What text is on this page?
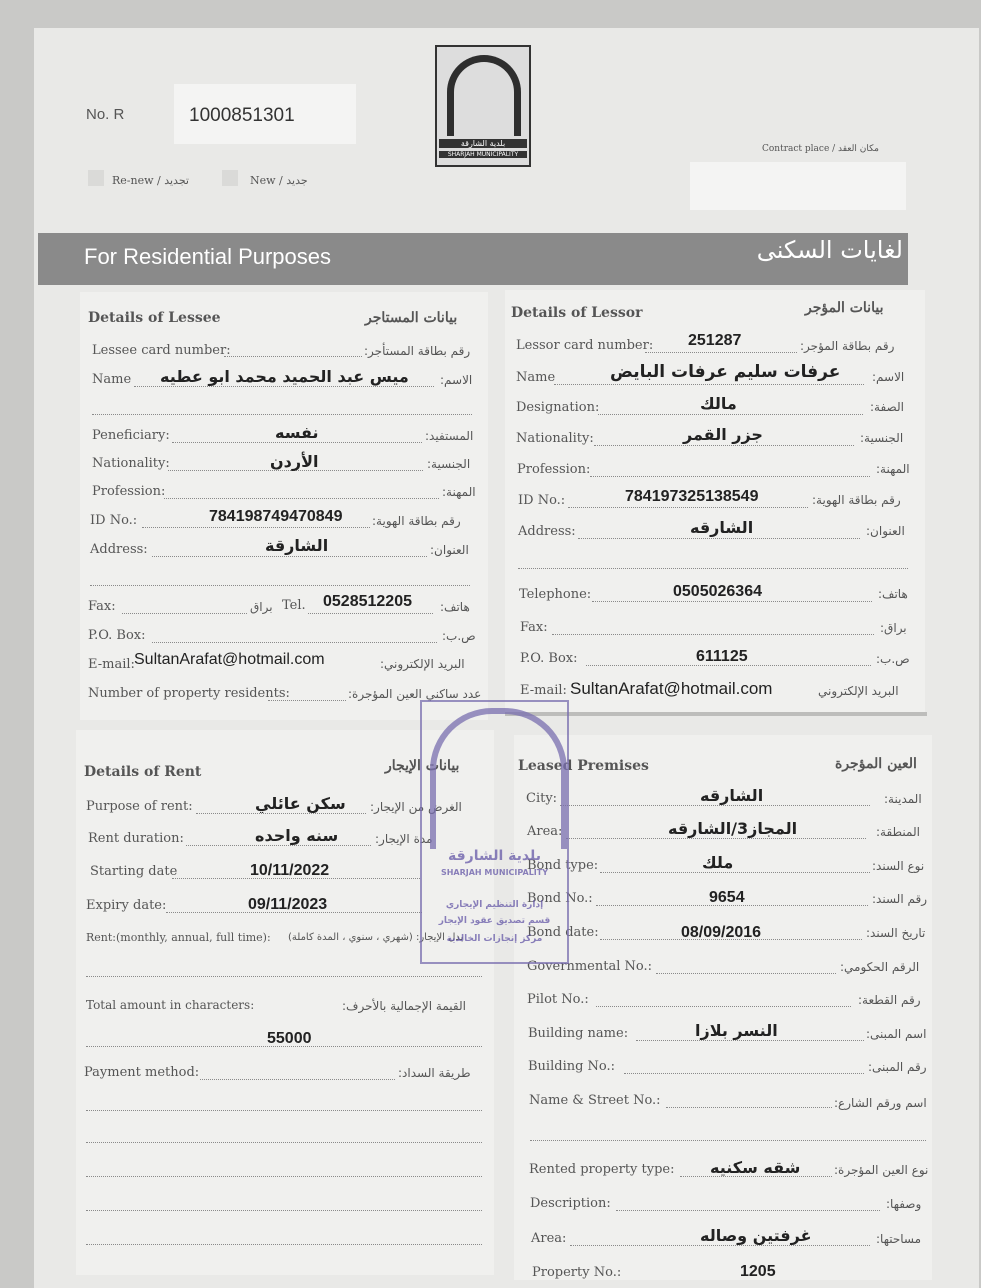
No. R	1000851301
Re-new / تجديد	New / جديد
بلدية الشارقة
SHARJAH MUNICIPALITY
Contract place / مكان العقد
For Residential Purposes	لغايات السكنى
Details of Lessee	بيانات المستاجر
Lessee card number:	رقم بطاقة المستأجر:
Name ميس عبد الحميد محمد ابو عطيه	الاسم:
Peneficiary:	نفسه	المستفيد:
Nationality:	الأردن	الجنسية:
Profession:	المهنة:
ID No.:	784198749470849 رقم بطاقة الهوية:
Address:	الشارقة	العنوان:
Fax:	براق Tel. 0528512205 هاتف:
P.O. Box:	ص.ب:
E-mail: SultanArafat@hotmail.com	البريد الإلكتروني:
Number of property residents:	عدد ساكني العين المؤجرة:
Details of Lessor	بيانات المؤجر
Lessor card number: 251287	رقم بطاقة المؤجر:
Name	عرفات سليم عرفات البايض	الاسم:
Designation:	مالك	الصفة:
Nationality:	جزر القمر	الجنسية:
Profession:	المهنة:
ID No.:	784197325138549	رقم بطاقة الهوية:
Address:	الشارقه	العنوان:
Telephone:	0505026364	هاتف:
Fax:	براق:
P.O. Box:	611125	ص.ب:
E-mail: SultanArafat@hotmail.com	البريد الإلكتروني
Details of Rent	بيانات الإيجار
Purpose of rent:	سكن عائلي الغرض من الإيجار:
Rent duration:	سنه واحده	مدة الإيجار:
Starting date	10/11/2022
Expiry date:	09/11/2023
Rent:(monthly, annual, full time): بدل الإيجار: (شهري ، سنوي ، المدة كاملة)
Total amount in characters:	القيمة الإجمالية بالأحرف:
55000
Payment method:	طريقة السداد:
Leased Premises	العين المؤجرة
City:	الشارقه	المدينة:
Area:	المجاز3/الشارقه	المنطقة:
Bond type:	ملك	نوع السند:
Bond No.:	9654	رقم السند:
Bond date:	08/09/2016	تاريخ السند:
Governmental No.:	الرقم الحكومي:
Pilot No.:	رقم القطعة:
Building name:	النسر بلازا	اسم المبنى:
Building No.:	رقم المبنى:
Name & Street No.:	اسم ورقم الشارع:
Rented property type: شقه سكنيه	نوع العين المؤجرة:
Description:	وصفها:
Area:	غرفتين وصاله	مساحتها:
Property No.:	1205
بلدية الشارقة
SHARJAH MUNICIPALITY
إدارة التنظيم الإيجاري
قسم تصديق عقود الإيجار
مركز إنجازات الخالدية
